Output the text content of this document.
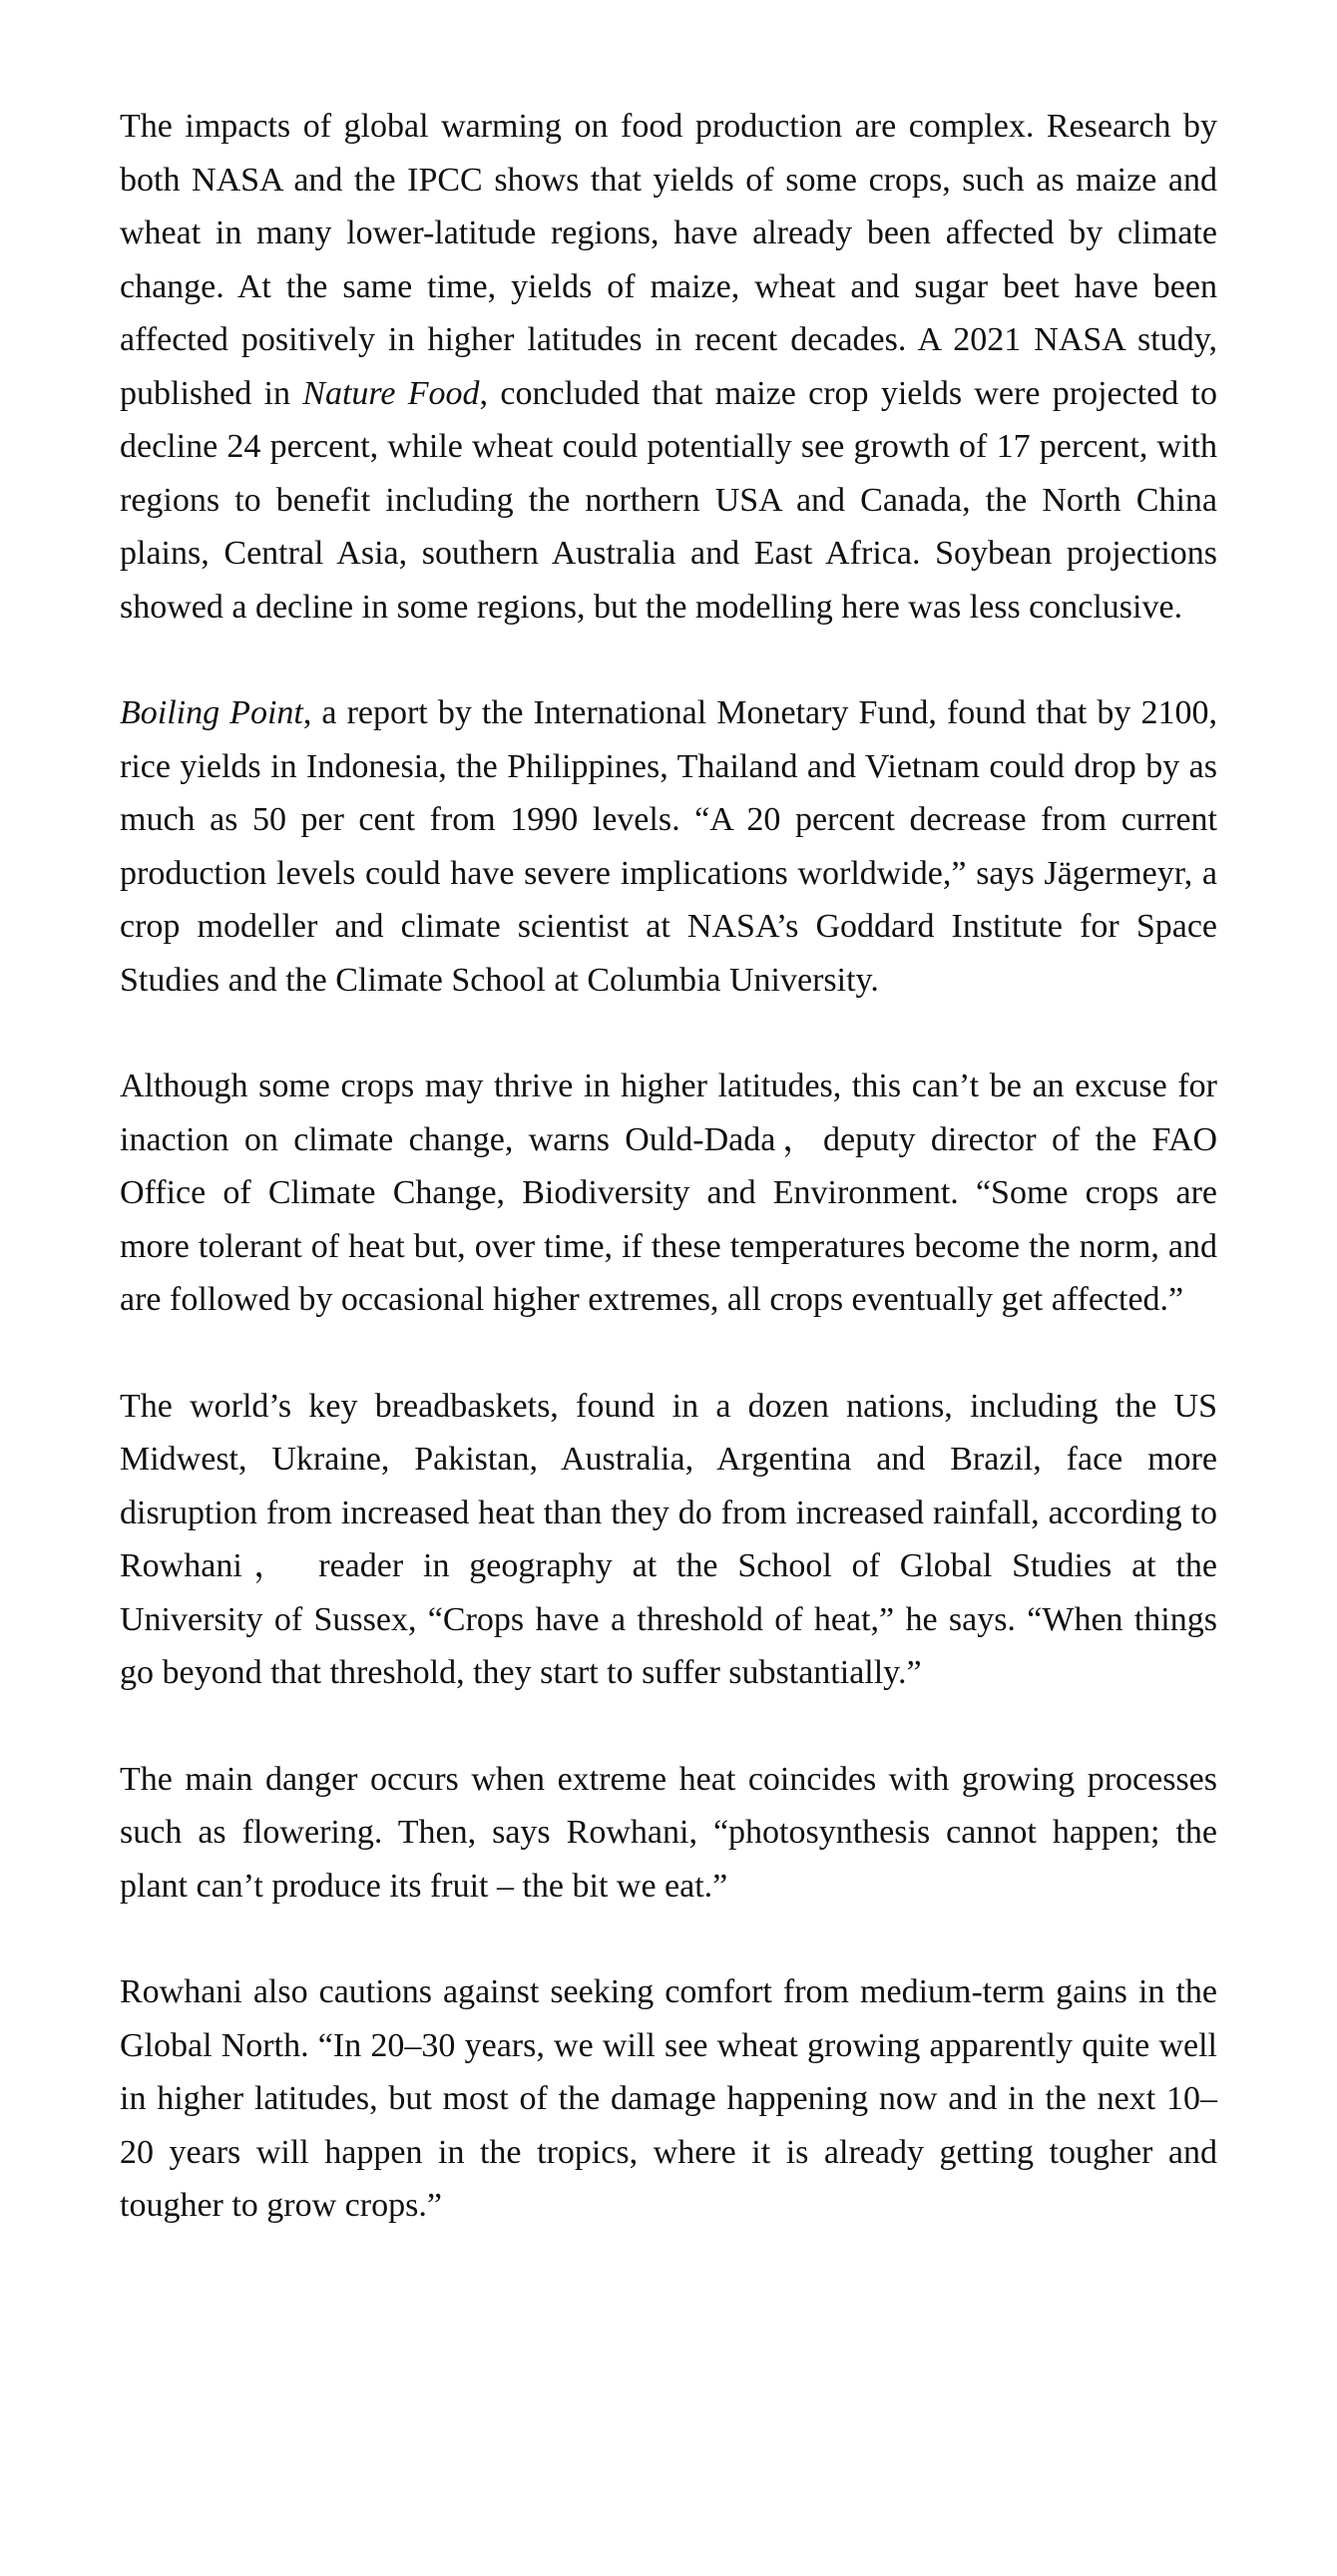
The impacts of global warming on food production are complex. Research by both NASA and the IPCC shows that yields of some crops, such as maize and wheat in many lower-latitude regions, have already been affected by climate change. At the same time, yields of maize, wheat and sugar beet have been affected positively in higher latitudes in recent decades. A 2021 NASA study, published in Nature Food, concluded that maize crop yields were projected to decline 24 percent, while wheat could potentially see growth of 17 percent, with regions to benefit including the northern USA and Canada, the North China plains, Central Asia, southern Australia and East Africa. Soybean projections showed a decline in some regions, but the modelling here was less conclusive.

Boiling Point, a report by the International Monetary Fund, found that by 2100, rice yields in Indonesia, the Philippines, Thailand and Vietnam could drop by as much as 50 per cent from 1990 levels. “A 20 percent decrease from current production levels could have severe implications worldwide,” says Jägermeyr, a crop modeller and climate scientist at NASA’s Goddard Institute for Space Studies and the Climate School at Columbia University.

Although some crops may thrive in higher latitudes, this can’t be an excuse for inaction on climate change, warns Ould-Dada，deputy director of the FAO Office of Climate Change, Biodiversity and Environment. “Some crops are more tolerant of heat but, over time, if these temperatures become the norm, and are followed by occasional higher extremes, all crops eventually get affected.”

The world’s key breadbaskets, found in a dozen nations, including the US Midwest, Ukraine, Pakistan, Australia, Argentina and Brazil, face more disruption from increased heat than they do from increased rainfall, according to Rowhani， reader in geography at the School of Global Studies at the University of Sussex, “Crops have a threshold of heat,” he says. “When things go beyond that threshold, they start to suffer substantially.”

The main danger occurs when extreme heat coincides with growing processes such as flowering. Then, says Rowhani, “photosynthesis cannot happen; the plant can’t produce its fruit – the bit we eat.”

Rowhani also cautions against seeking comfort from medium-term gains in the Global North. “In 20–30 years, we will see wheat growing apparently quite well in higher latitudes, but most of the damage happening now and in the next 10–20 years will happen in the tropics, where it is already getting tougher and tougher to grow crops.”
